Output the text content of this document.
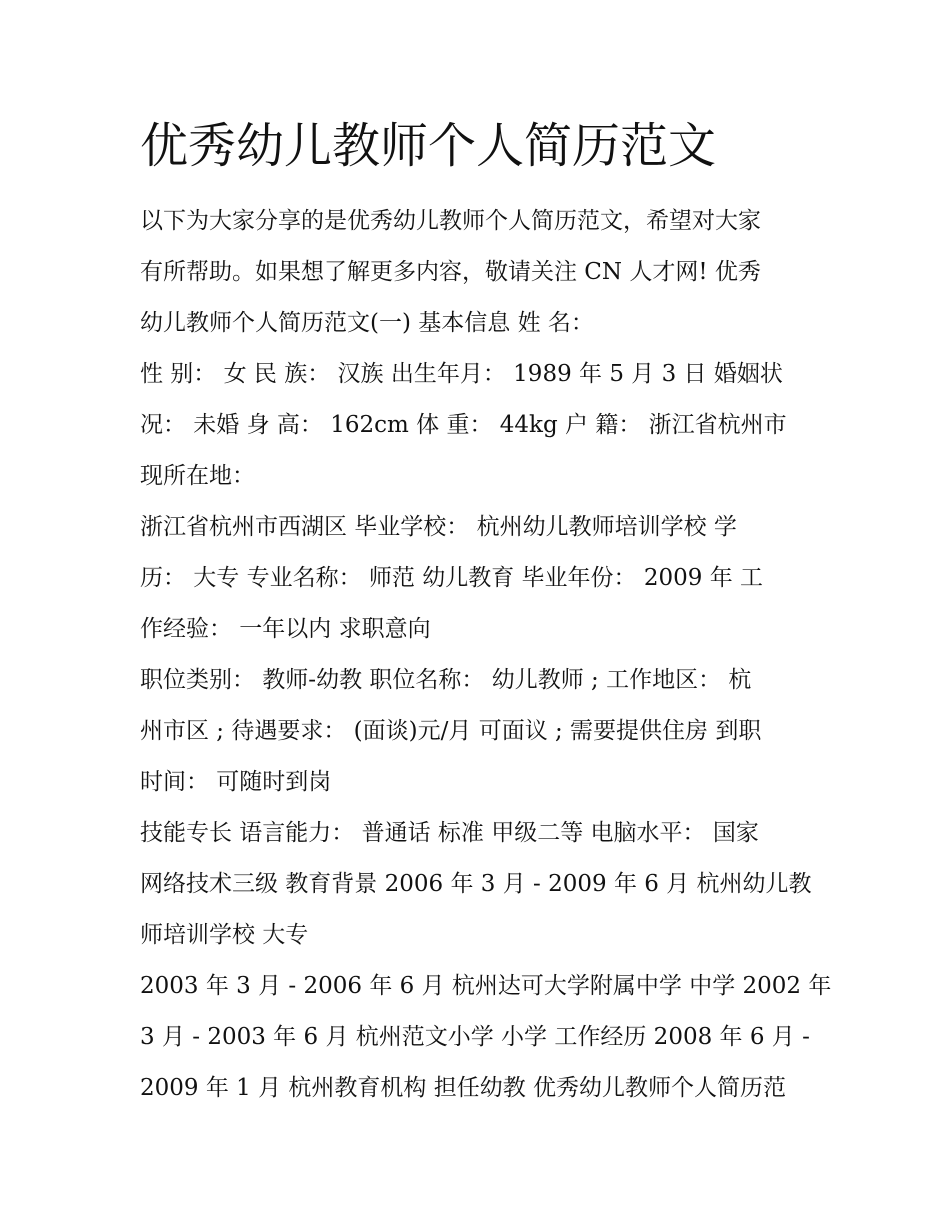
优秀幼儿教师个人简历范文
以下为大家分享的是优秀幼儿教师个人简历范文，希望对大家
有所帮助。如果想了解更多内容，敬请关注 CN 人才网! 优秀
幼儿教师个人简历范文(一) 基本信息 姓 名：
性 别： 女 民 族： 汉族 出生年月： 1989 年 5 月 3 日 婚姻状
况： 未婚 身 高： 162cm 体 重： 44kg 户 籍： 浙江省杭州市
现所在地：
浙江省杭州市西湖区 毕业学校： 杭州幼儿教师培训学校 学
历： 大专 专业名称： 师范 幼儿教育 毕业年份： 2009 年 工
作经验： 一年以内 求职意向
职位类别： 教师-幼教 职位名称： 幼儿教师 ; 工作地区： 杭
州市区 ; 待遇要求： (面谈)元/月 可面议 ; 需要提供住房 到职
时间： 可随时到岗
技能专长 语言能力： 普通话 标准 甲级二等 电脑水平： 国家
网络技术三级 教育背景 2006 年 3 月 - 2009 年 6 月 杭州幼儿教
师培训学校 大专
2003 年 3 月 - 2006 年 6 月 杭州达可大学附属中学 中学 2002 年
3 月 - 2003 年 6 月 杭州范文小学 小学 工作经历 2008 年 6 月 -
2009 年 1 月 杭州教育机构 担任幼教 优秀幼儿教师个人简历范
